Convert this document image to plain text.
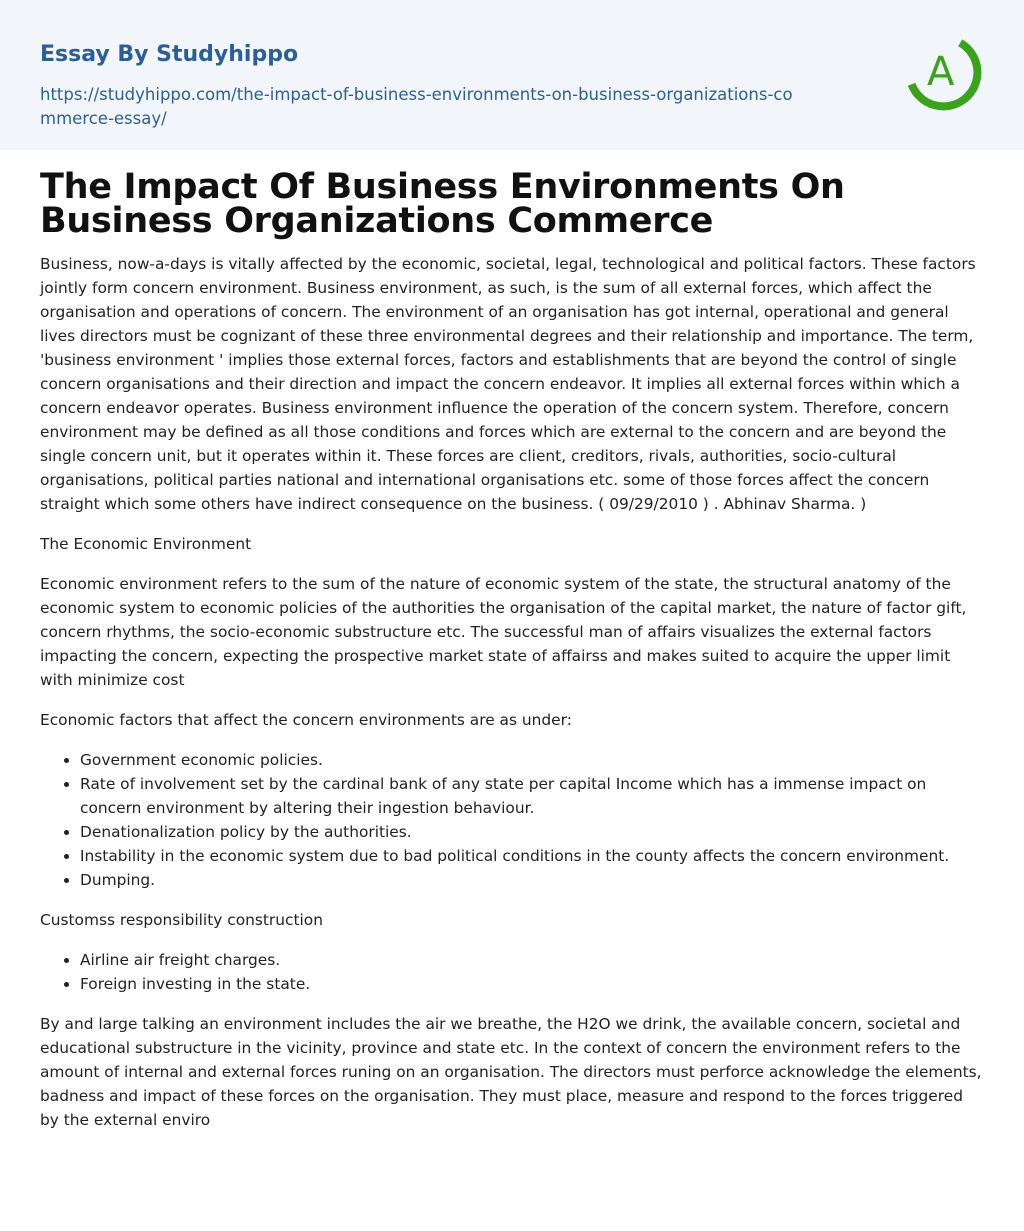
Essay By Studyhippo
https://studyhippo.com/the-impact-of-business-environments-on-business-organizations-commerce-essay/
A
The Impact Of Business Environments On Business Organizations Commerce

Business, now-a-days is vitally affected by the economic, societal, legal, technological and political factors. These factors jointly form concern environment. Business environment, as such, is the sum of all external forces, which affect the organisation and operations of concern. The environment of an organisation has got internal, operational and general lives directors must be cognizant of these three environmental degrees and their relationship and importance. The term, 'business environment ' implies those external forces, factors and establishments that are beyond the control of single concern organisations and their direction and impact the concern endeavor. It implies all external forces within which a concern endeavor operates. Business environment influence the operation of the concern system. Therefore, concern environment may be defined as all those conditions and forces which are external to the concern and are beyond the single concern unit, but it operates within it. These forces are client, creditors, rivals, authorities, socio-cultural organisations, political parties national and international organisations etc. some of those forces affect the concern straight which some others have indirect consequence on the business. ( 09/29/2010 ) . Abhinav Sharma. )

The Economic Environment

Economic environment refers to the sum of the nature of economic system of the state, the structural anatomy of the economic system to economic policies of the authorities the organisation of the capital market, the nature of factor gift, concern rhythms, the socio-economic substructure etc. The successful man of affairs visualizes the external factors impacting the concern, expecting the prospective market state of affairss and makes suited to acquire the upper limit with minimize cost

Economic factors that affect the concern environments are as under:

• Government economic policies.
• Rate of involvement set by the cardinal bank of any state per capital Income which has a immense impact on concern environment by altering their ingestion behaviour.
• Denationalization policy by the authorities.
• Instability in the economic system due to bad political conditions in the county affects the concern environment.
• Dumping.

Customss responsibility construction

• Airline air freight charges.
• Foreign investing in the state.

By and large talking an environment includes the air we breathe, the H2O we drink, the available concern, societal and educational substructure in the vicinity, province and state etc. In the context of concern the environment refers to the amount of internal and external forces runing on an organisation. The directors must perforce acknowledge the elements, badness and impact of these forces on the organisation. They must place, measure and respond to the forces triggered by the external enviro
